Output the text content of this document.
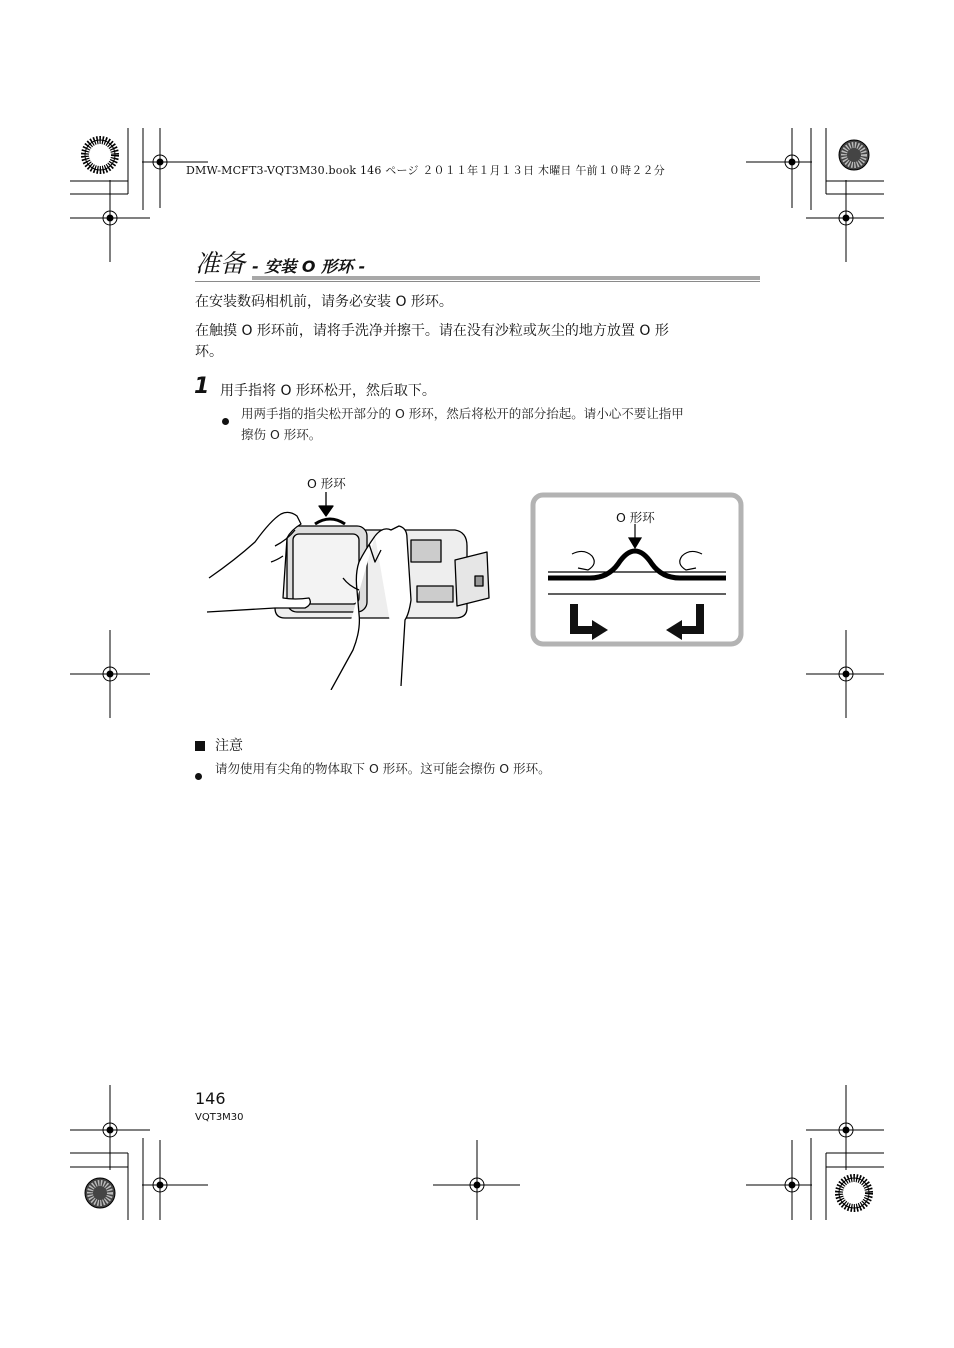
DMW-MCFT3-VQT3M30.book 146 ページ ２０１１年１月１３日 木曜日 午前１０時２２分
准备 - 安装 O 形环 -
在安装数码相机前，请务必安装 O 形环。
在触摸 O 形环前，请将手洗净并擦干。请在没有沙粒或灰尘的地方放置 O 形
环。
1 用手指将 O 形环松开，然后取下。
用两手指的指尖松开部分的 O 形环，然后将松开的部分抬起。请小心不要让指甲
擦伤 O 形环。
O 形环
O 形环
注意
请勿使用有尖角的物体取下 O 形环。这可能会擦伤 O 形环。
146
VQT3M30
